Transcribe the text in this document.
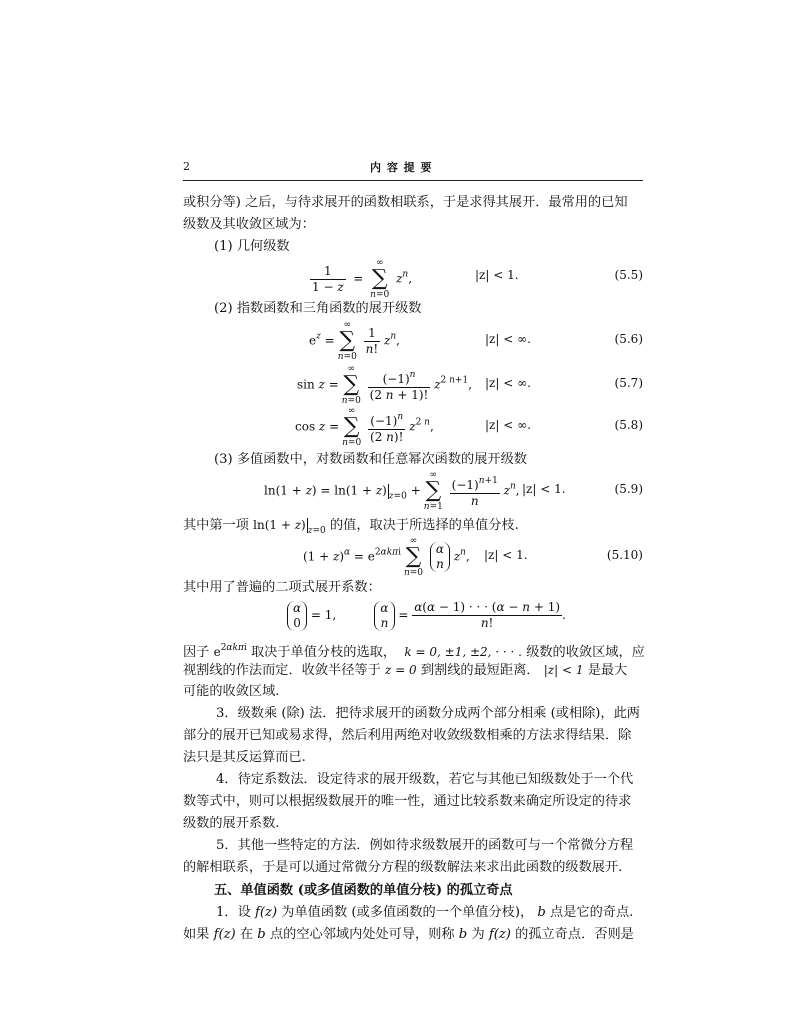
2	内 容 提 要
或积分等) 之后，与待求展开的函数相联系，于是求得其展开．最常用的已知
级数及其收敛区域为：
(1) 几何级数
$\frac{1}{1 - z}$ =
∞
∑
n=0
$z^n$,	|z| < 1.	(5.5)
(2) 指数函数和三角函数的展开级数
$e^z$ =
∞
∑
n=0

$\frac{1}{n!} z^n$,	|z| < ∞.	(5.6)
sin z =
∞
∑
n=0
$\frac{(-1)^n}{(2 n + 1)!} z^{2 n+1}$, |z| < ∞.	(5.7)
cos z =
∞
∑
n=0
$\frac{(-1)^n}{(2 n)!} z^{2 n}$,	|z| < ∞.	(5.8)
(3) 多值函数中，对数函数和任意幂次函数的展开级数
ln(1 + z) = ln(1 + z) $_{z=0}$ +
∞
∑
n=1
$\frac{(-1)^{n+1}}{n} z^n$, |z| < 1.	(5.9)
其中第一项 ln(1 + z) $_{z=0}$ 的值，取决于所选择的单值分枝.
$(1 + z)^\alpha = e^{2\alpha k\pi i}$
∞
∑
n=0
α
n $z^n$, |z| < 1.	(5.10)
其中用了普遍的二项式展开系数：
α
0 = 1,          α
$n = \frac{\alpha(\alpha - 1) \cdot \cdot \cdot (\alpha - n + 1)}{n!}$ .
因子 $e^{2\alpha k\pi i}$ 取决于单值分枝的选取， k = 0, ±1, ±2, · · · . 级数的收敛区域，应
视割线的作法而定．收敛半径等于 z = 0 到割线的最短距离． |z| < 1 是最大
可能的收敛区域.
3．级数乘 (除) 法．把待求展开的函数分成两个部分相乘 (或相除)，此两
部分的展开已知或易求得，然后利用两绝对收敛级数相乘的方法求得结果．除
法只是其反运算而已.
4．待定系数法．设定待求的展开级数，若它与其他已知级数处于一个代
数等式中，则可以根据级数展开的唯一性，通过比较系数来确定所设定的待求
级数的展开系数.
5．其他一些特定的方法．例如待求级数展开的函数可与一个常微分方程
的解相联系，于是可以通过常微分方程的级数解法来求出此函数的级数展开.
五、单值函数 (或多值函数的单值分枝) 的孤立奇点
1．设 f(z) 为单值函数 (或多值函数的一个单值分枝)， b 点是它的奇点.
如果 f(z) 在 b 点的空心邻域内处处可导，则称 b 为 f(z) 的孤立奇点．否则是
